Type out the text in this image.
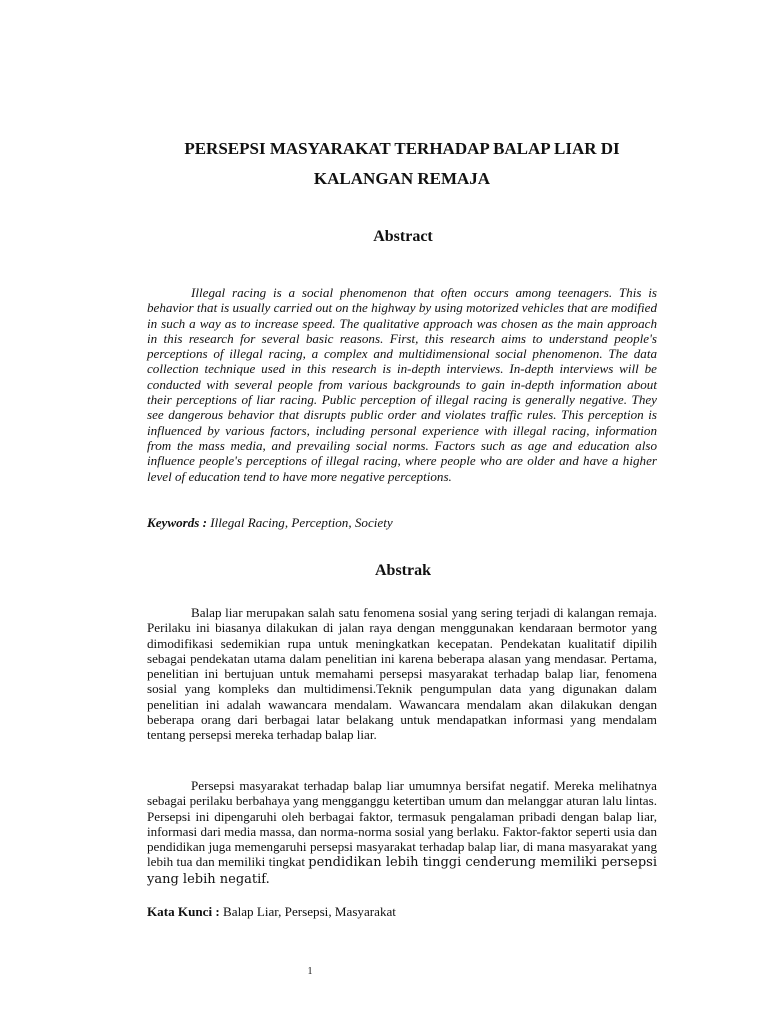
PERSEPSI MASYARAKAT TERHADAP BALAP LIAR DI
KALANGAN REMAJA
Abstract

Illegal racing is a social phenomenon that often occurs among teenagers. This is behavior that is usually carried out on the highway by using motorized vehicles that are modified in such a way as to increase speed. The qualitative approach was chosen as the main approach in this research for several basic reasons. First, this research aims to understand people's perceptions of illegal racing, a complex and multidimensional social phenomenon. The data collection technique used in this research is in-depth interviews. In-depth interviews will be conducted with several people from various backgrounds to gain in-depth information about their perceptions of liar racing. Public perception of illegal racing is generally negative. They see dangerous behavior that disrupts public order and violates traffic rules. This perception is influenced by various factors, including personal experience with illegal racing, information from the mass media, and prevailing social norms. Factors such as age and education also influence people's perceptions of illegal racing, where people who are older and have a higher level of education tend to have more negative perceptions.

Keywords : Illegal Racing, Perception, Society

Abstrak

Balap liar merupakan salah satu fenomena sosial yang sering terjadi di kalangan remaja. Perilaku ini biasanya dilakukan di jalan raya dengan menggunakan kendaraan bermotor yang dimodifikasi sedemikian rupa untuk meningkatkan kecepatan. Pendekatan kualitatif dipilih sebagai pendekatan utama dalam penelitian ini karena beberapa alasan yang mendasar. Pertama, penelitian ini bertujuan untuk memahami persepsi masyarakat terhadap balap liar, fenomena sosial yang kompleks dan multidimensi.Teknik pengumpulan data yang digunakan dalam penelitian ini adalah wawancara mendalam. Wawancara mendalam akan dilakukan dengan beberapa orang dari berbagai latar belakang untuk mendapatkan informasi yang mendalam tentang persepsi mereka terhadap balap liar.

Persepsi masyarakat terhadap balap liar umumnya bersifat negatif. Mereka melihatnya sebagai perilaku berbahaya yang mengganggu ketertiban umum dan melanggar aturan lalu lintas. Persepsi ini dipengaruhi oleh berbagai faktor, termasuk pengalaman pribadi dengan balap liar, informasi dari media massa, dan norma-norma sosial yang berlaku. Faktor-faktor seperti usia dan pendidikan juga memengaruhi persepsi masyarakat terhadap balap liar, di mana masyarakat yang lebih tua dan memiliki tingkat pendidikan lebih tinggi cenderung memiliki persepsi yang lebih negatif.

Kata Kunci : Balap Liar, Persepsi, Masyarakat

1
